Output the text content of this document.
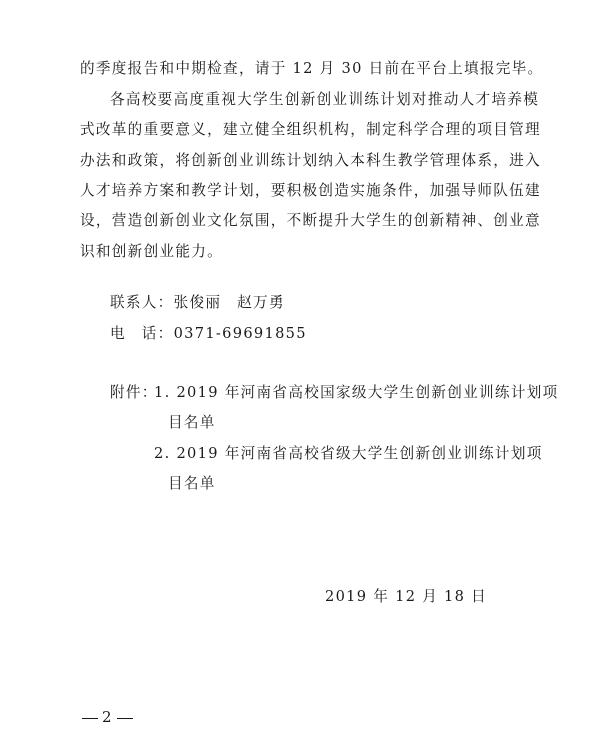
的季度报告和中期检查，请于 12 月 30 日前在平台上填报完毕。
各高校要高度重视大学生创新创业训练计划对推动人才培养模
式改革的重要意义，建立健全组织机构，制定科学合理的项目管理
办法和政策，将创新创业训练计划纳入本科生教学管理体系，进入
人才培养方案和教学计划，要积极创造实施条件，加强导师队伍建
设，营造创新创业文化氛围，不断提升大学生的创新精神、创业意
识和创新创业能力。
联系人：张俊丽　赵万勇
电　话：0371-69691855
附件：
1. 2019 年河南省高校国家级大学生创新创业训练计划项
目名单
2. 2019 年河南省高校省级大学生创新创业训练计划项
目名单
2019 年 12 月 18 日
2
